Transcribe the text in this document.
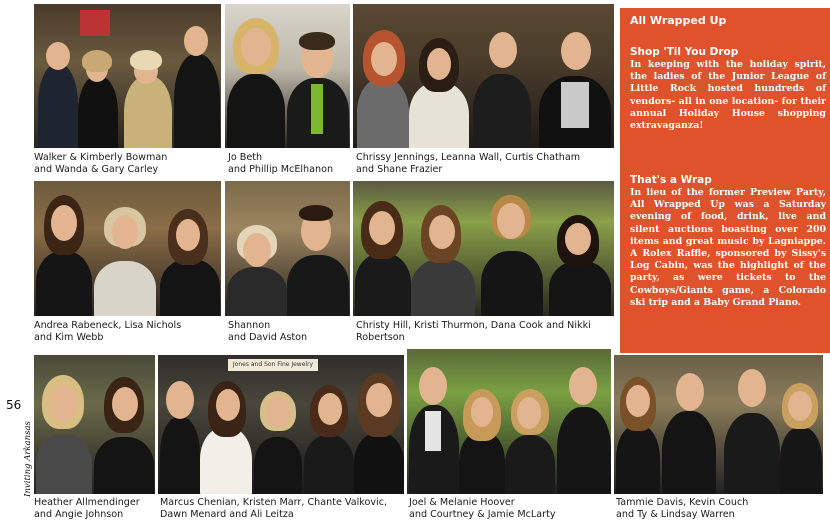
All Wrapped Up
Shop 'Til You Drop
In keeping with the holiday spirit, the ladies of the Junior League of Little Rock hosted hundreds of vendors- all in one location- for their annual Holiday House shopping extravaganza!
That's a Wrap
In lieu of the former Preview Party, All Wrapped Up was a Saturday evening of food, drink, live and silent auctions boasting over 200 items and great music by Lagniappe. A Rolex Raffle, sponsored by Sissy's Log Cabin, was the highlight of the party, as were tickets to the Cowboys/Giants game, a Colorado ski trip and a Baby Grand Piano.
Walker & Kimberly Bowman
and Wanda & Gary Carley
Jo Beth
and Phillip McElhanon
Chrissy Jennings, Leanna Wall, Curtis Chatham
and Shane Frazier
Andrea Rabeneck, Lisa Nichols
and Kim Webb
Shannon
and David Aston
Christy Hill, Kristi Thurmon, Dana Cook and Nikki
Robertson
Jones and Son Fine Jewelry
Heather Allmendinger
and Angie Johnson
Marcus Chenian, Kristen Marr, Chante Valkovic,
Dawn Menard and Ali Leitza
Joel & Melanie Hoover
and Courtney & Jamie McLarty
Tammie Davis, Kevin Couch
and Ty & Lindsay Warren
56
Inviting Arkansas
